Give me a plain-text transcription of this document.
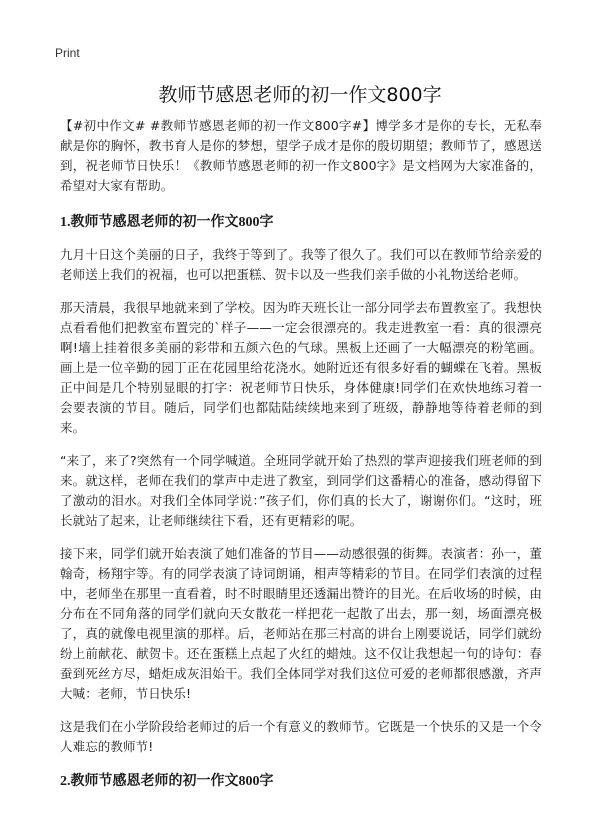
Print
教师节感恩老师的初一作文800字

【#初中作文# #教师节感恩老师的初一作文800字#】博学多才是你的专长，无私奉献是你的胸怀，教书育人是你的梦想，望学子成才是你的殷切期望；教师节了，感恩送到，祝老师节日快乐！《教师节感恩老师的初一作文800字》是文档网为大家准备的，希望对大家有帮助。

1.教师节感恩老师的初一作文800字

九月十日这个美丽的日子，我终于等到了。我等了很久了。我们可以在教师节给亲爱的老师送上我们的祝福，也可以把蛋糕、贺卡以及一些我们亲手做的小礼物送给老师。

那天清晨，我很早地就来到了学校。因为昨天班长让一部分同学去布置教室了。我想快点看看他们把教室布置完的`样子——一定会很漂亮的。我走进教室一看：真的很漂亮啊!墙上挂着很多美丽的彩带和五颜六色的气球。黑板上还画了一大幅漂亮的粉笔画。画上是一位辛勤的园丁正在花园里给花浇水。她附近还有很多好看的蝴蝶在飞着。黑板正中间是几个特别显眼的打字：祝老师节日快乐，身体健康!同学们在欢快地练习着一会要表演的节目。随后，同学们也都陆陆续续地来到了班级，静静地等待着老师的到来。

“来了，来了?突然有一个同学喊道。全班同学就开始了热烈的掌声迎接我们班老师的到来。就这样，老师在我们的掌声中走进了教室，到同学们这番精心的准备，感动得留下了激动的泪水。对我们全体同学说：”孩子们，你们真的长大了，谢谢你们。“这时，班长就站了起来，让老师继续往下看，还有更精彩的呢。

接下来，同学们就开始表演了她们准备的节目——动感很强的街舞。表演者：孙一，董翰奇，杨翔宇等。有的同学表演了诗词朗诵，相声等精彩的节目。在同学们表演的过程中，老师坐在那里一直看着，时不时眼睛里还透漏出赞许的目光。在后收场的时候，由分布在不同角落的同学们就向天女散花一样把花一起散了出去，那一刻，场面漂亮极了，真的就像电视里演的那样。后，老师站在那三村高的讲台上刚要说话，同学们就纷纷上前献花、献贺卡。还在蛋糕上点起了火红的蜡烛。这不仅让我想起一句的诗句：春蚕到死丝方尽，蜡炬成灰泪始干。我们全体同学对我们这位可爱的老师都很感激，齐声大喊：老师，节日快乐!

这是我们在小学阶段给老师过的后一个有意义的教师节。它既是一个快乐的又是一个令人难忘的教师节!

2.教师节感恩老师的初一作文800字
